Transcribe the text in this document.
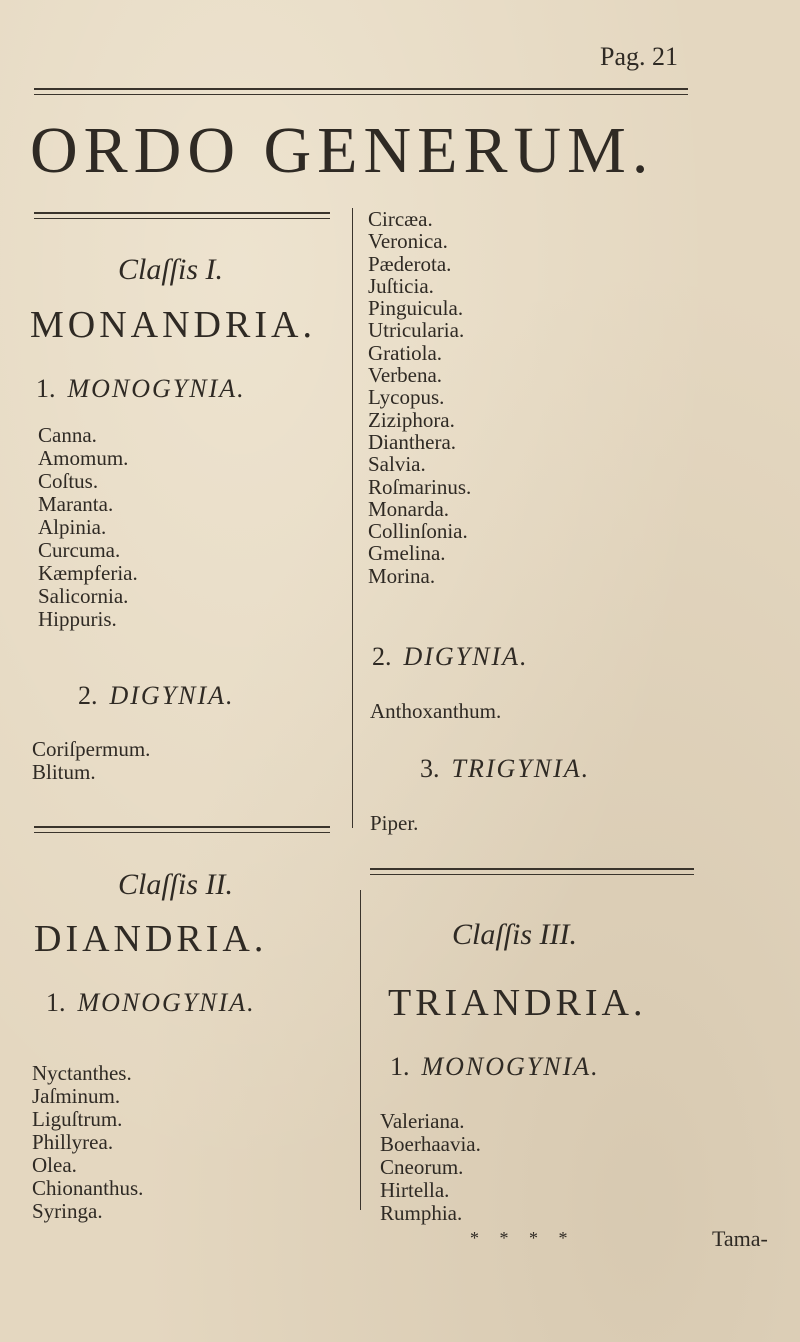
Pag. 21
ORDO GENERUM.
Claſſis I.
MONANDRIA.
1. MONOGYNIA.
Canna.
Amomum.
Coſtus.
Maranta.
Alpinia.
Curcuma.
Kæmpferia.
Salicornia.
Hippuris.
2. DIGYNIA.
Coriſpermum.
Blitum.
Claſſis II.
DIANDRIA.
1. MONOGYNIA.
Nyctanthes.
Jaſminum.
Liguſtrum.
Phillyrea.
Olea.
Chionanthus.
Syringa.
Circæa.
Veronica.
Pæderota.
Juſticia.
Pinguicula.
Utricularia.
Gratiola.
Verbena.
Lycopus.
Ziziphora.
Dianthera.
Salvia.
Roſmarinus.
Monarda.
Collinſonia.
Gmelina.
Morina.
2. DIGYNIA.
Anthoxanthum.
3. TRIGYNIA.
Piper.
Claſſis III.
TRIANDRIA.
1. MONOGYNIA.
Valeriana.
Boerhaavia.
Cneorum.
Hirtella.
Rumphia.
* * * *	Tama-
